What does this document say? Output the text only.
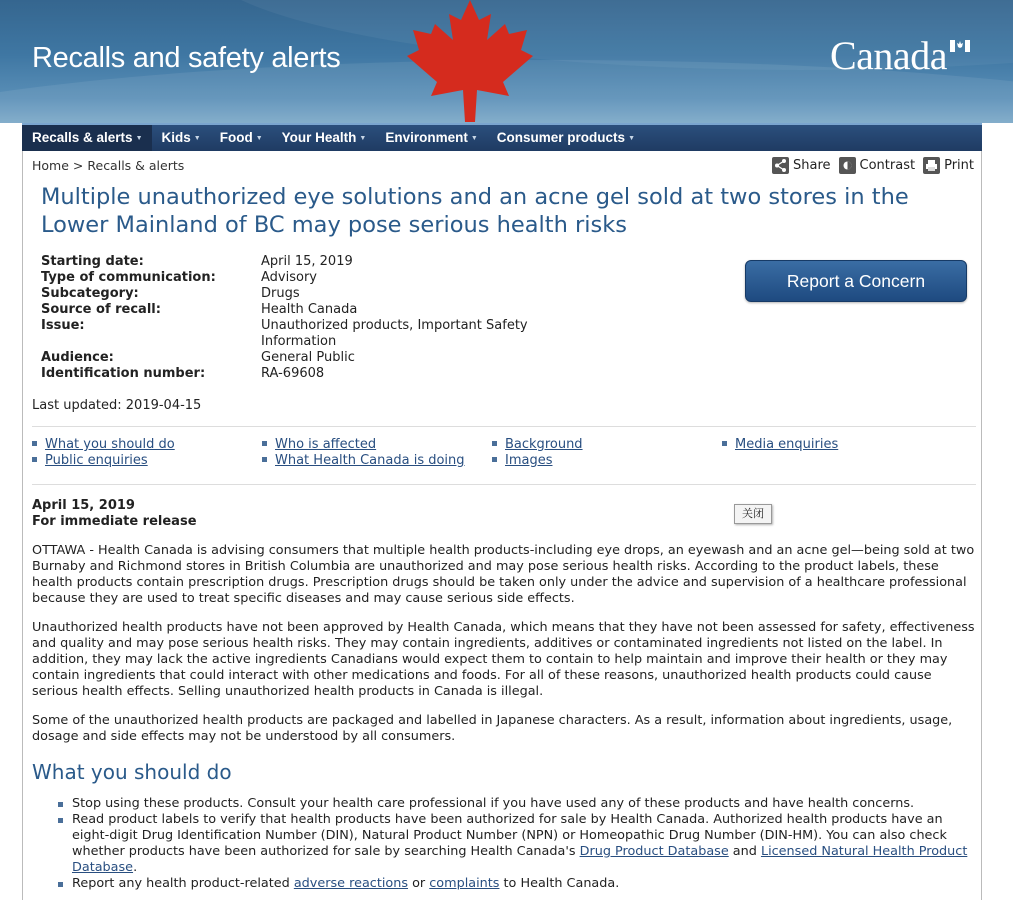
Recalls and safety alerts	Canada
Recalls & alerts ▼	Kids ▼	Food ▼	Your Health ▼	Environment ▼	Consumer products ▼
Home > Recalls & alerts	Share Contrast Print
Multiple unauthorized eye solutions and an acne gel sold at two stores in the Lower Mainland of BC may pose serious health risks
Starting date:	April 15, 2019
Type of communication:	Advisory
Subcategory:	Drugs
Source of recall:	Health Canada
Issue:	Unauthorized products, Important Safety Information
Audience:	General Public
Identification number:	RA-69608
Report a Concern
Last updated: 2019-04-15
What you should do	Who is affected	Background	Media enquiries
Public enquiries	What Health Canada is doing	Images
April 15, 2019
For immediate release
关闭
OTTAWA - Health Canada is advising consumers that multiple health products-including eye drops, an eyewash and an acne gel—being sold at two Burnaby and Richmond stores in British Columbia are unauthorized and may pose serious health risks. According to the product labels, these health products contain prescription drugs. Prescription drugs should be taken only under the advice and supervision of a healthcare professional because they are used to treat specific diseases and may cause serious side effects.
Unauthorized health products have not been approved by Health Canada, which means that they have not been assessed for safety, effectiveness and quality and may pose serious health risks. They may contain ingredients, additives or contaminated ingredients not listed on the label. In addition, they may lack the active ingredients Canadians would expect them to contain to help maintain and improve their health or they may contain ingredients that could interact with other medications and foods. For all of these reasons, unauthorized health products could cause serious health effects. Selling unauthorized health products in Canada is illegal.
Some of the unauthorized health products are packaged and labelled in Japanese characters. As a result, information about ingredients, usage, dosage and side effects may not be understood by all consumers.
What you should do
Stop using these products. Consult your health care professional if you have used any of these products and have health concerns.
Read product labels to verify that health products have been authorized for sale by Health Canada. Authorized health products have an eight-digit Drug Identification Number (DIN), Natural Product Number (NPN) or Homeopathic Drug Number (DIN-HM). You can also check whether products have been authorized for sale by searching Health Canada's Drug Product Database and Licensed Natural Health Product Database.
Report any health product-related adverse reactions or complaints to Health Canada.
